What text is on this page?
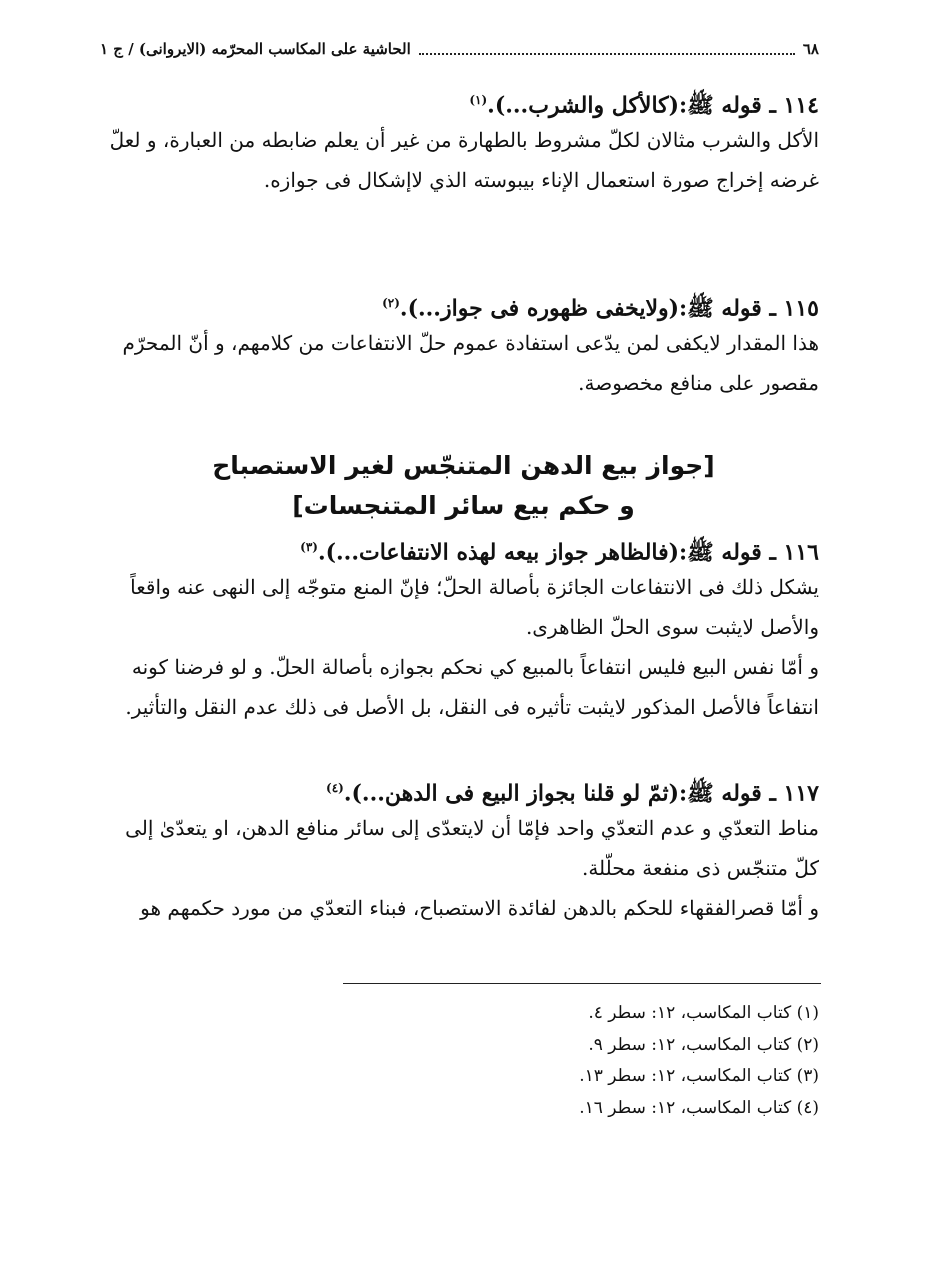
٦٨
الحاشية على المكاسب المحرّمه (الايروانى) / ج ١
١١٤ ـ قوله ﷺ:(كالأكل والشرب...).$^{(١)}$
الأكل والشرب مثالان لكلّ مشروط بالطهارة من غير أن يعلم ضابطه من العبارة، و لعلّ
غرضه إخراج صورة استعمال الإناء بيبوسته الذي لاإشكال فى جوازه.
١١٥ ـ قوله ﷺ:(ولايخفى ظهوره فى جواز...).$^{(٢)}$
هذا المقدار لايكفى لمن يدّعى استفادة عموم حلّ الانتفاعات من كلامهم، و أنّ المحرّم
مقصور على منافع مخصوصة.
[جواز بيع الدهن المتنجّس لغير الاستصباح
و حكم بيع سائر المتنجسات]
١١٦ ـ قوله ﷺ:(فالظاهر جواز بيعه لهذه الانتفاعات...).$^{(٣)}$
يشكل ذلك فى الانتفاعات الجائزة بأصالة الحلّ؛ فإنّ المنع متوجّه إلى النهى عنه واقعاً
والأصل لايثبت سوى الحلّ الظاهرى.
و أمّا نفس البيع فليس انتفاعاً بالمبيع كي نحكم بجوازه بأصالة الحلّ. و لو فرضنا كونه
انتفاعاً فالأصل المذكور لايثبت تأثيره فى النقل، بل الأصل فى ذلك عدم النقل والتأثير.
١١٧ ـ قوله ﷺ:(ثمّ لو قلنا بجواز البيع فى الدهن...).$^{(٤)}$
مناط التعدّي و عدم التعدّي واحد فإمّا أن لايتعدّى إلى سائر منافع الدهن، او يتعدّىٰ إلى
كلّ متنجّس ذى منفعة محلّلة.
و أمّا قصرالفقهاء للحكم بالدهن لفائدة الاستصباح، فبناء التعدّي من مورد حكمهم هو
(١) كتاب المكاسب، ١٢: سطر ٤.
(٢) كتاب المكاسب، ١٢: سطر ٩.
(٣) كتاب المكاسب، ١٢: سطر ١٣.
(٤) كتاب المكاسب، ١٢: سطر ١٦.
